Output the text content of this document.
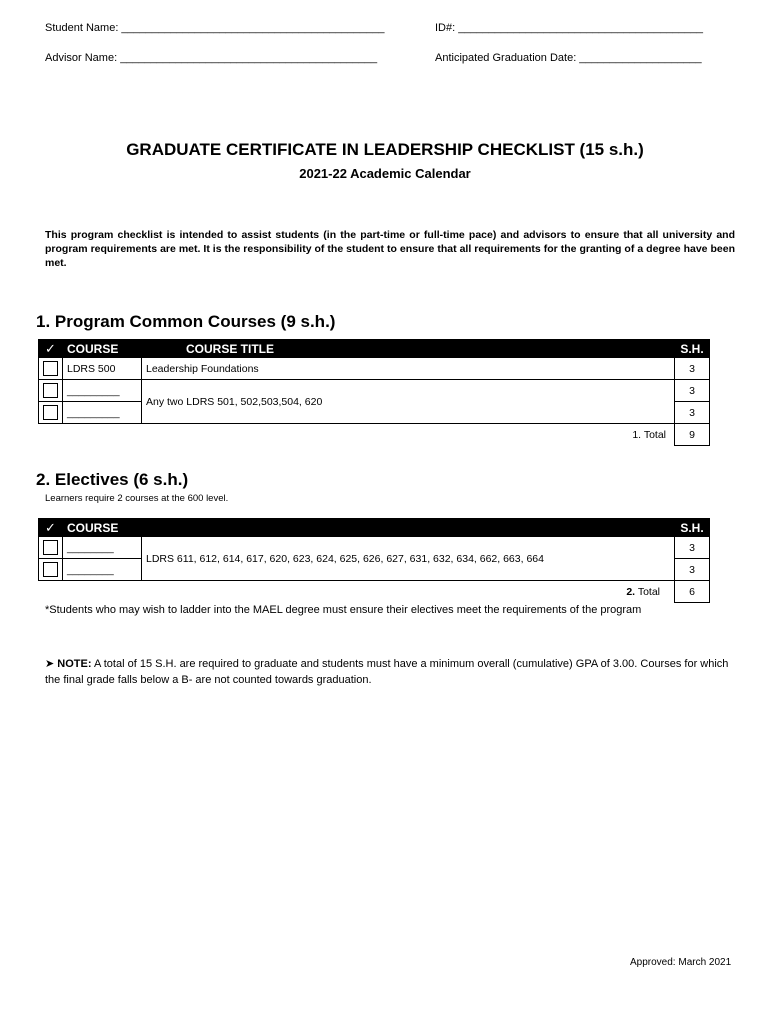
Student Name: ___________________________________________	ID#: ________________________________________
Advisor Name: __________________________________________	Anticipated Graduation Date: ____________________
GRADUATE CERTIFICATE IN LEADERSHIP CHECKLIST (15 s.h.)
2021-22 Academic Calendar
This program checklist is intended to assist students (in the part-time or full-time pace) and advisors to ensure that all university and program requirements are met. It is the responsibility of the student to ensure that all requirements for the granting of a degree have been met.
1. Program Common Courses (9 s.h.)
✓	COURSE	COURSE TITLE	S.H.
	LDRS 500	Leadership Foundations	3
	_________	Any two LDRS 501, 502,503,504, 620	3
	_________		3
		1. Total	9
2. Electives (6 s.h.)
Learners require 2 courses at the 600 level.
✓	COURSE		S.H.
	________	LDRS 611, 612, 614, 617, 620, 623, 624, 625, 626, 627, 631, 632, 634, 662, 663, 664	3
	________		3
		2. Total	6
*Students who may wish to ladder into the MAEL degree must ensure their electives meet the requirements of the program
➤ NOTE: A total of 15 S.H. are required to graduate and students must have a minimum overall (cumulative) GPA of 3.00. Courses for which the final grade falls below a B- are not counted towards graduation.
Approved: March 2021
